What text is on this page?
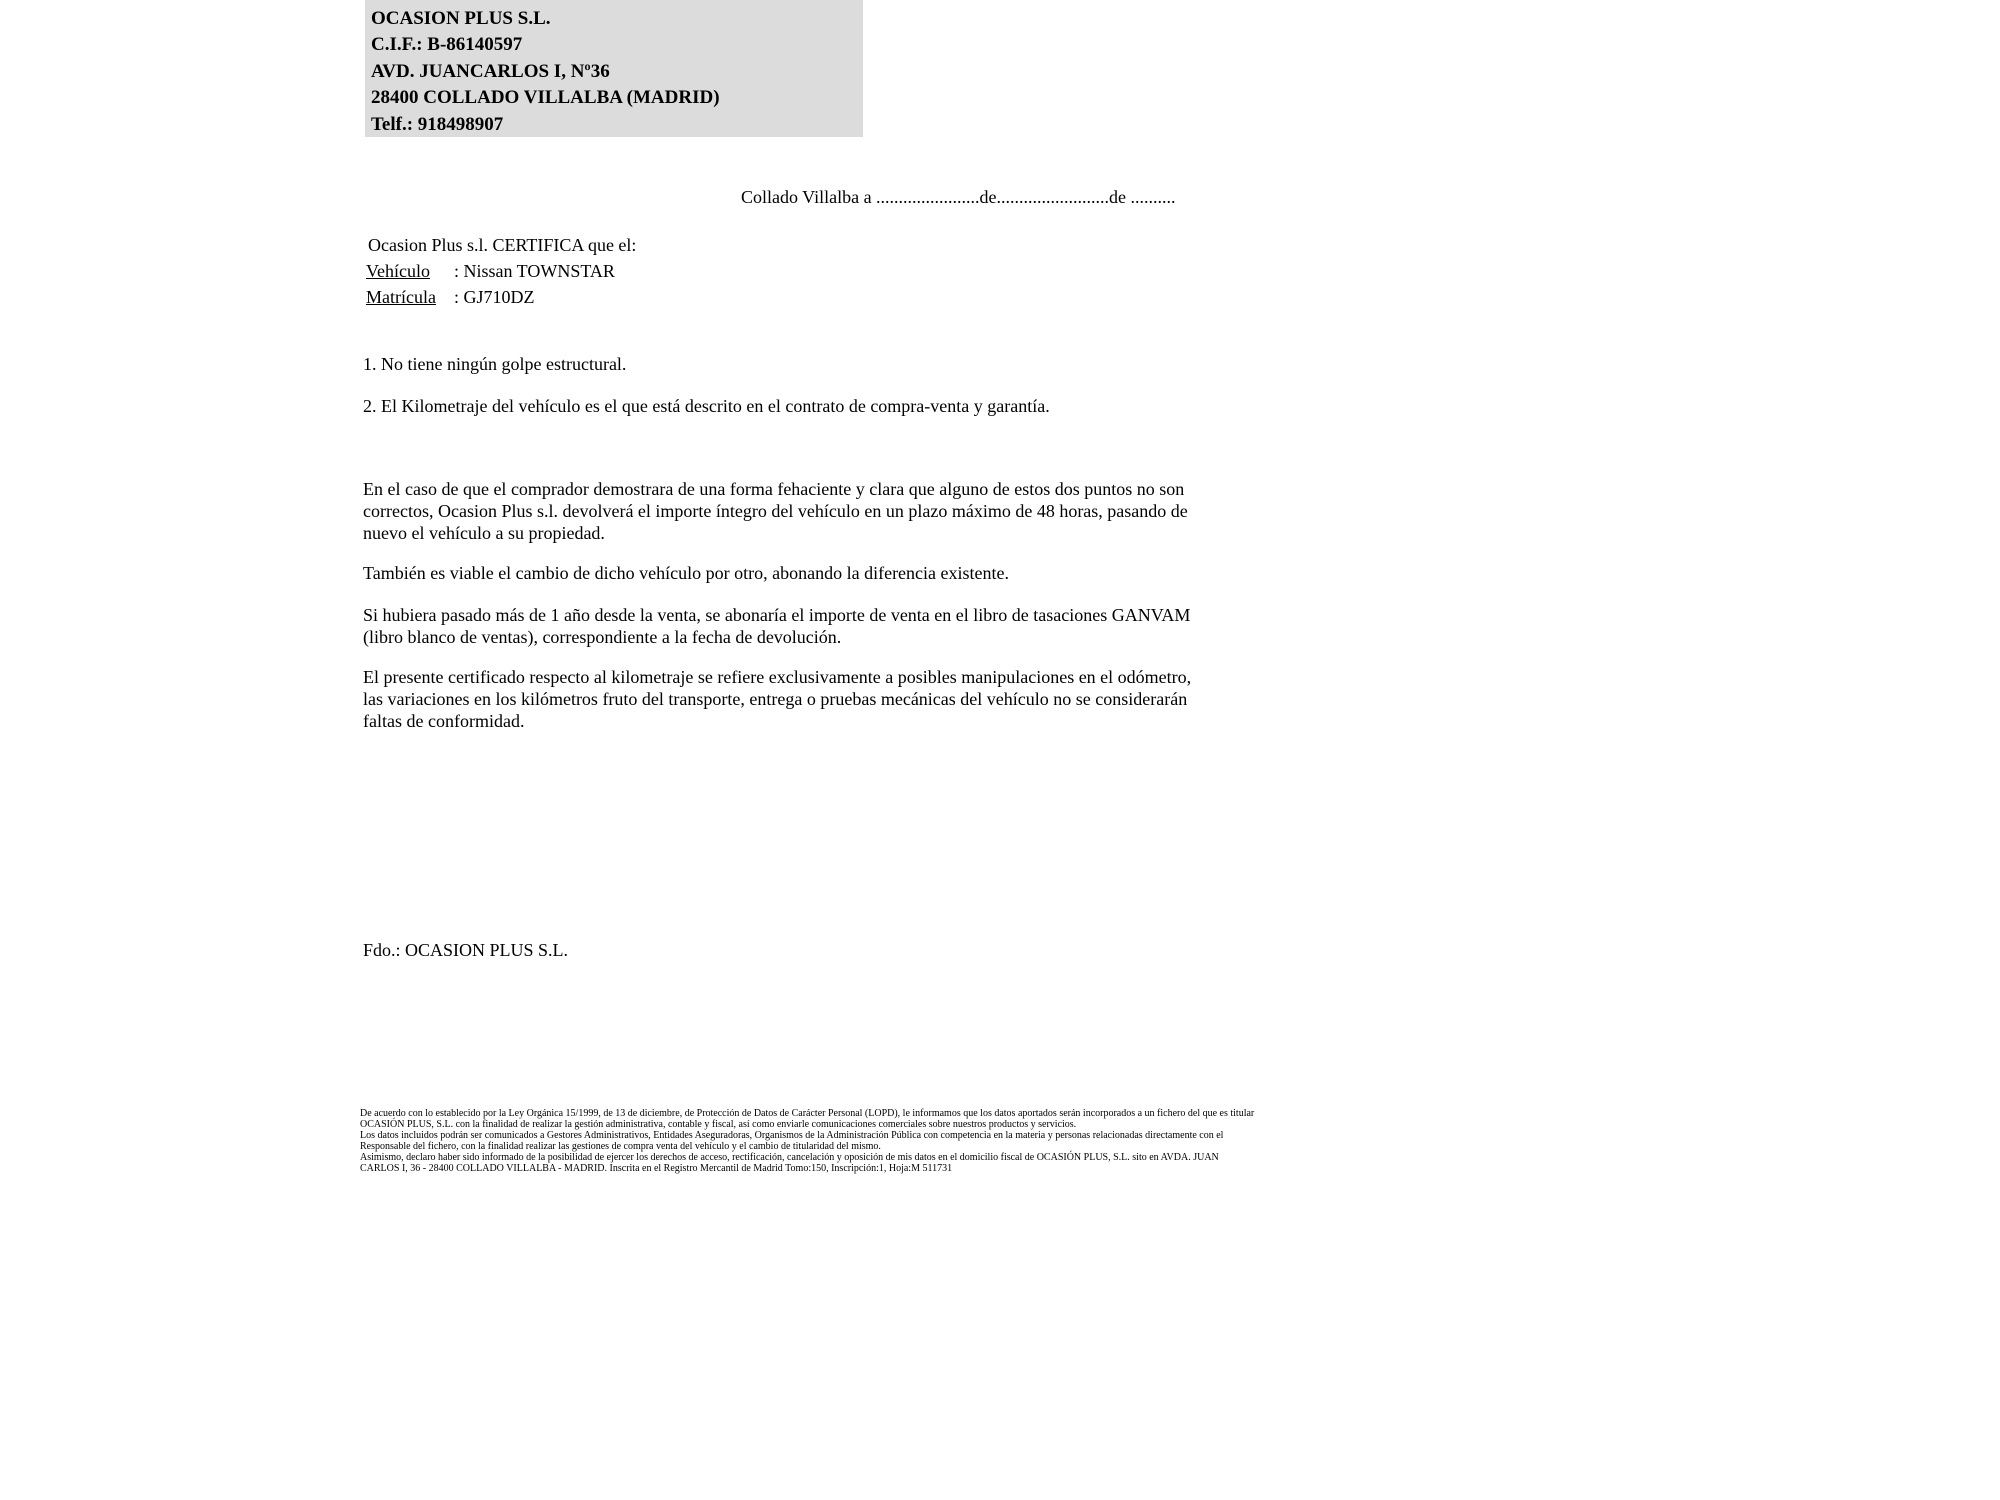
OCASION PLUS S.L.
C.I.F.: B-86140597
AVD. JUANCARLOS I, Nº36
28400 COLLADO VILLALBA (MADRID)
Telf.: 918498907
Collado Villalba a .......................de.........................de ..........
Ocasion Plus s.l. CERTIFICA que el:
Vehículo : Nissan TOWNSTAR
Matrícula : GJ710DZ
1. No tiene ningún golpe estructural.
2. El Kilometraje del vehículo es el que está descrito en el contrato de compra-venta y garantía.
En el caso de que el comprador demostrara de una forma fehaciente y clara que alguno de estos dos puntos no son correctos, Ocasion Plus s.l. devolverá el importe íntegro del vehículo en un plazo máximo de 48 horas, pasando de nuevo el vehículo a su propiedad.
También es viable el cambio de dicho vehículo por otro, abonando la diferencia existente.
Si hubiera pasado más de 1 año desde la venta, se abonaría el importe de venta en el libro de tasaciones GANVAM (libro blanco de ventas), correspondiente a la fecha de devolución.
El presente certificado respecto al kilometraje se refiere exclusivamente a posibles manipulaciones en el odómetro, las variaciones en los kilómetros fruto del transporte, entrega o pruebas mecánicas del vehículo no se considerarán faltas de conformidad.
Fdo.: OCASION PLUS S.L.
De acuerdo con lo establecido por la Ley Orgánica 15/1999, de 13 de diciembre, de Protección de Datos de Carácter Personal (LOPD), le informamos que los datos aportados serán incorporados a un fichero del que es titular
OCASIÓN PLUS, S.L. con la finalidad de realizar la gestión administrativa, contable y fiscal, así como enviarle comunicaciones comerciales sobre nuestros productos y servicios.
Los datos incluidos podrán ser comunicados a Gestores Administrativos, Entidades Aseguradoras, Organismos de la Administración Pública con competencia en la materia y personas relacionadas directamente con el
Responsable del fichero, con la finalidad realizar las gestiones de compra venta del vehículo y el cambio de titularidad del mismo.
Asimismo, declaro haber sido informado de la posibilidad de ejercer los derechos de acceso, rectificación, cancelación y oposición de mis datos en el domicilio fiscal de OCASIÓN PLUS, S.L. sito en AVDA. JUAN
CARLOS I, 36 - 28400 COLLADO VILLALBA - MADRID. Inscrita en el Registro Mercantil de Madrid Tomo:150, Inscripción:1, Hoja:M 511731
